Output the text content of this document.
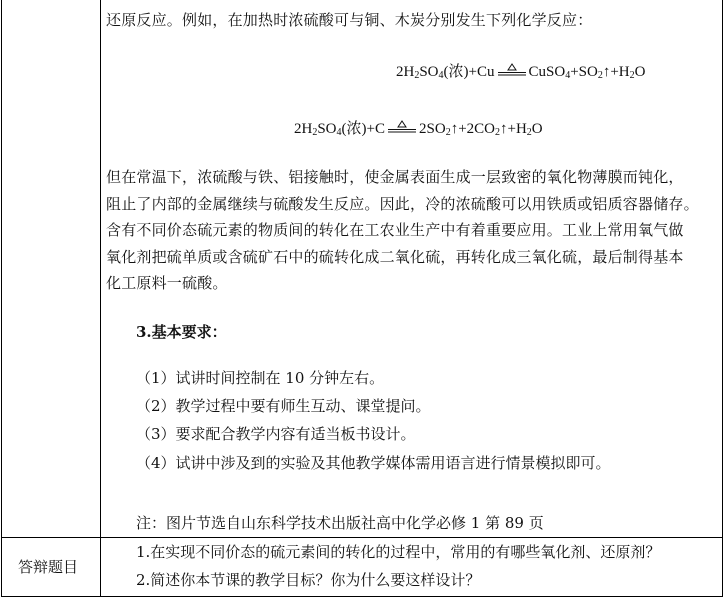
还原反应。例如，在加热时浓硫酸可与铜、木炭分别发生下列化学反应：
$2H_2SO_4$(浓)+Cu $CuSO_4+SO_2↑+H_2O$
$2H_2SO_4$(浓)+C $2SO_2↑+2CO_2↑+H_2O$
但在常温下，浓硫酸与铁、铝接触时，使金属表面生成一层致密的氧化物薄膜而钝化，
阻止了内部的金属继续与硫酸发生反应。因此，冷的浓硫酸可以用铁质或铝质容器储存。
含有不同价态硫元素的物质间的转化在工农业生产中有着重要应用。工业上常用氧气做
氧化剂把硫单质或含硫矿石中的硫转化成二氧化硫，再转化成三氧化硫，最后制得基本
化工原料一硫酸。
3.基本要求：
（1）试讲时间控制在 10 分钟左右。
（2）教学过程中要有师生互动、课堂提问。
（3）要求配合教学内容有适当板书设计。
（4）试讲中涉及到的实验及其他教学媒体需用语言进行情景模拟即可。
注：图片节选自山东科学技术出版社高中化学必修 1 第 89 页
答辩题目
1.在实现不同价态的硫元素间的转化的过程中，常用的有哪些氧化剂、还原剂？
2.简述你本节课的教学目标？你为什么要这样设计？
